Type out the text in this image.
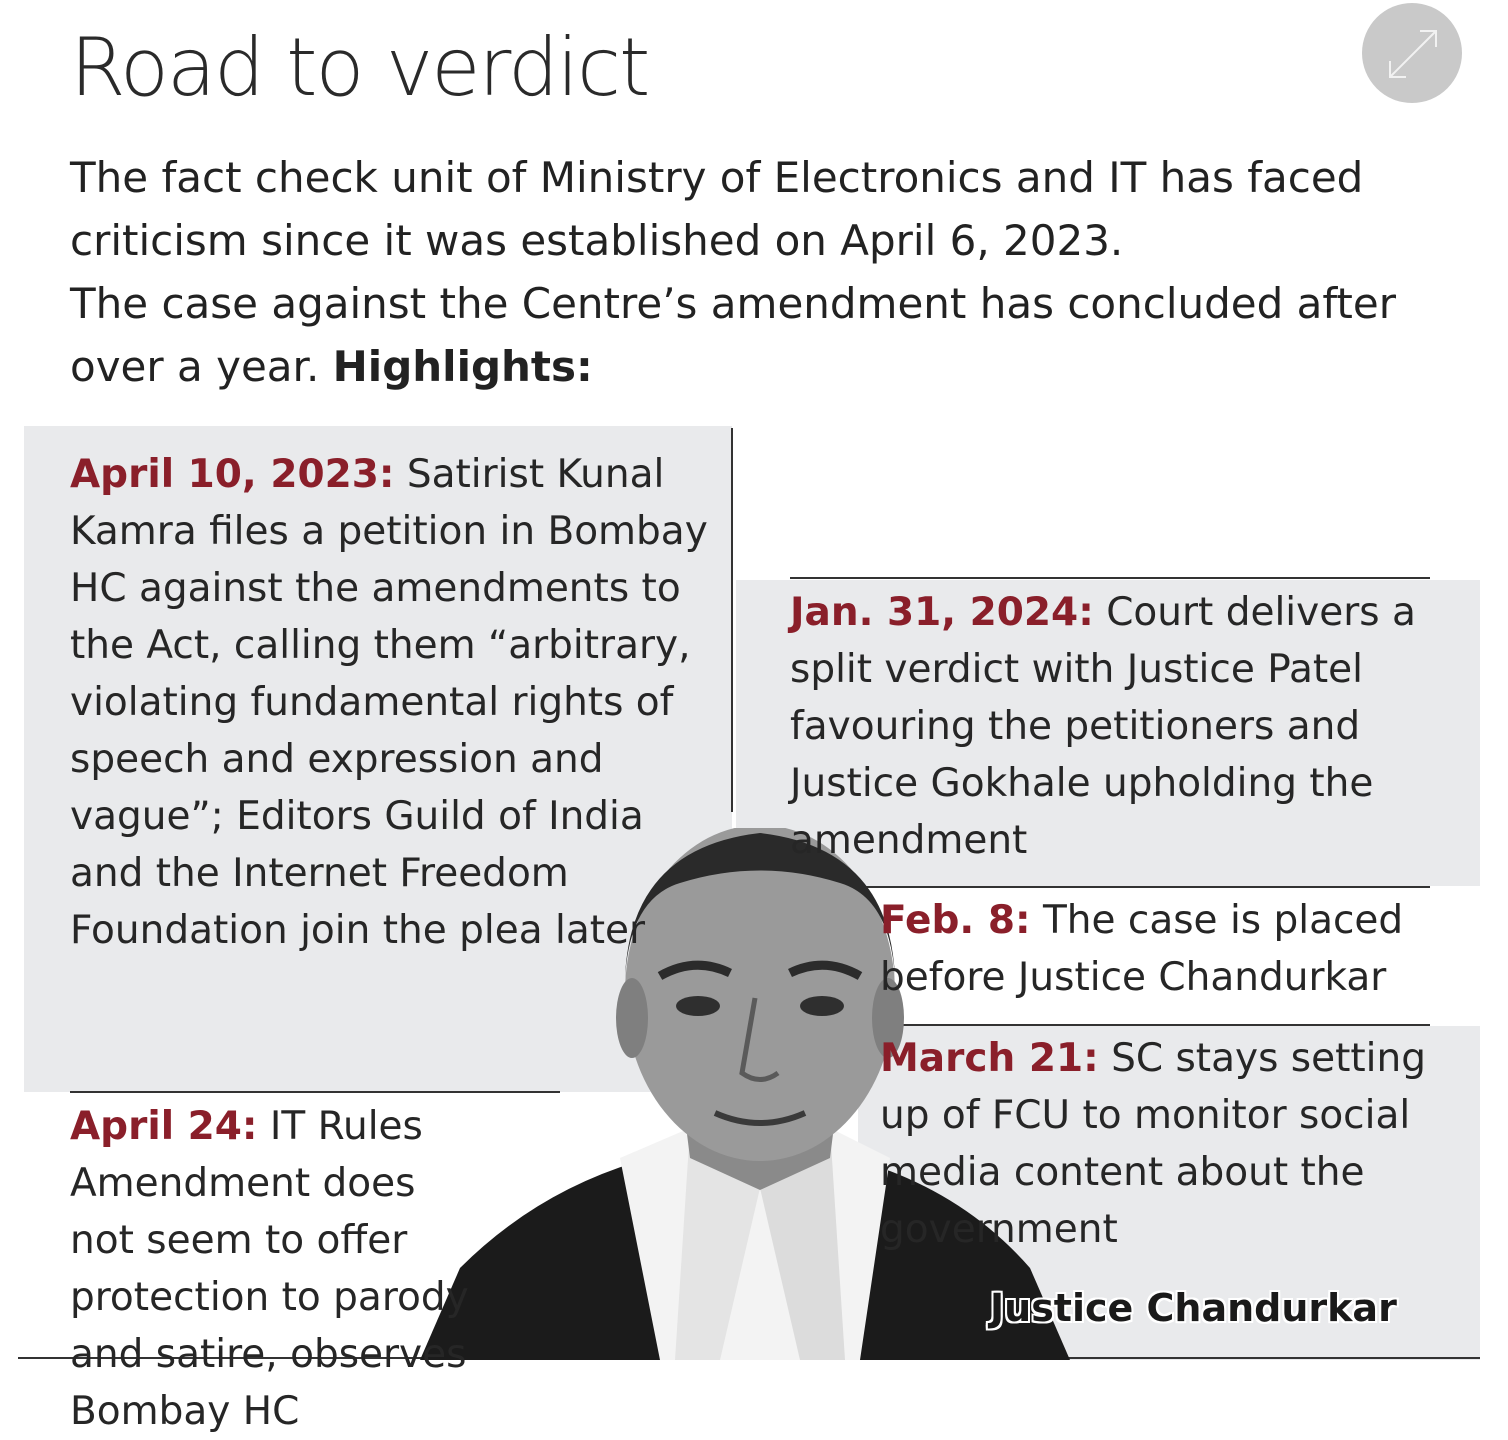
Road to verdict

The fact check unit of Ministry of Electronics and IT has faced criticism since it was established on April 6, 2023.

The case against the Centre’s amendment has concluded after over a year. Highlights:

April 10, 2023: Satirist Kunal Kamra files a petition in Bombay HC against the amendments to the Act, calling them “arbitrary, violating fundamental rights of speech and expression and vague”; Editors Guild of India and the Internet Freedom Foundation join the plea later
April 24: IT Rules Amendment does not seem to offer protection to parody and satire, observes Bombay HC
Jan. 31, 2024: Court delivers a split verdict with Justice Patel favouring the petitioners and Justice Gokhale upholding the amendment
Feb. 8: The case is placed before Justice Chandurkar
March 21: SC stays setting up of FCU to monitor social media content about the government
Justice Chandurkar
